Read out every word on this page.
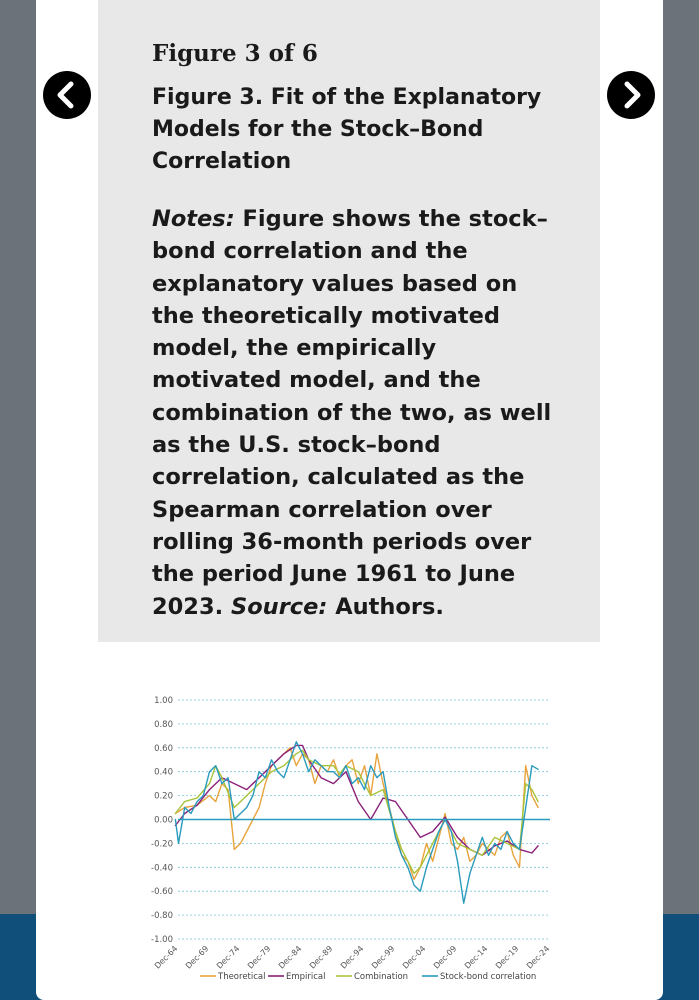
Figure 3 of 6
Figure 3. Fit of the Explanatory Models for the Stock–Bond Correlation
Notes: Figure shows the stock–bond correlation and the explanatory values based on the theoretically motivated model, the empirically motivated model, and the combination of the two, as well as the U.S. stock–bond correlation, calculated as the Spearman correlation over rolling 36-month periods over the period June 1961 to June 2023. Source: Authors.
1.00
0.80
0.60
0.40
0.20
0.00
-0.20
-0.40
-0.60
-0.80
-1.00
Dec-64 Dec-69 Dec-74 Dec-79 Dec-84 Dec-89 Dec-94 Dec-99 Dec-04 Dec-09 Dec-14 Dec-19 Dec-24
Theoretical Empirical	Combination	Stock-bond correlation
